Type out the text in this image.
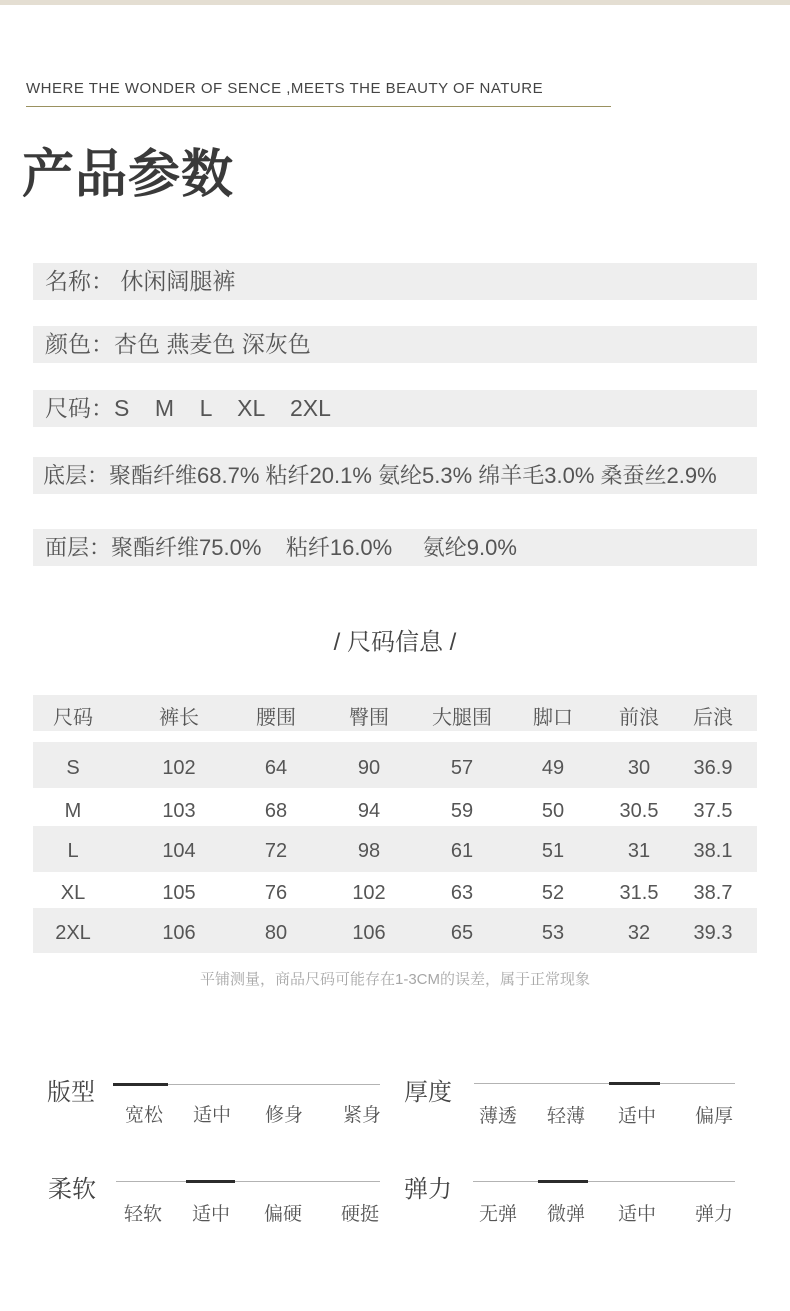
WHERE THE WONDER OF SENCE ,MEETS THE BEAUTY OF NATURE
产品参数
名称： 休闲阔腿裤
颜色：杏色 燕麦色 深灰色
尺码：S    M    L    XL    2XL
底层：聚酯纤维68.7% 粘纤20.1% 氨纶5.3% 绵羊毛3.0% 桑蚕丝2.9%
面层：聚酯纤维75.0%    粘纤16.0%     氨纶9.0%
/ 尺码信息 /
尺码	裤长	腰围	臀围 大腿围 脚口 前浪 后浪
S	102	64	90	57	49	30 36.9
M	103	68	94	59	50	30.5 37.5
L	104	72	98	61	51	31 38.1
XL	105	76	102	63	52	31.5 38.7
2XL	106	80	106	65	53	32 39.3
平铺测量，商品尺码可能存在1-3CM的误差，属于正常现象
版型
宽松 适中 修身 紧身
厚度
薄透 轻薄 适中 偏厚
柔软
轻软 适中 偏硬 硬挺
弹力
无弹 微弹 适中 弹力
